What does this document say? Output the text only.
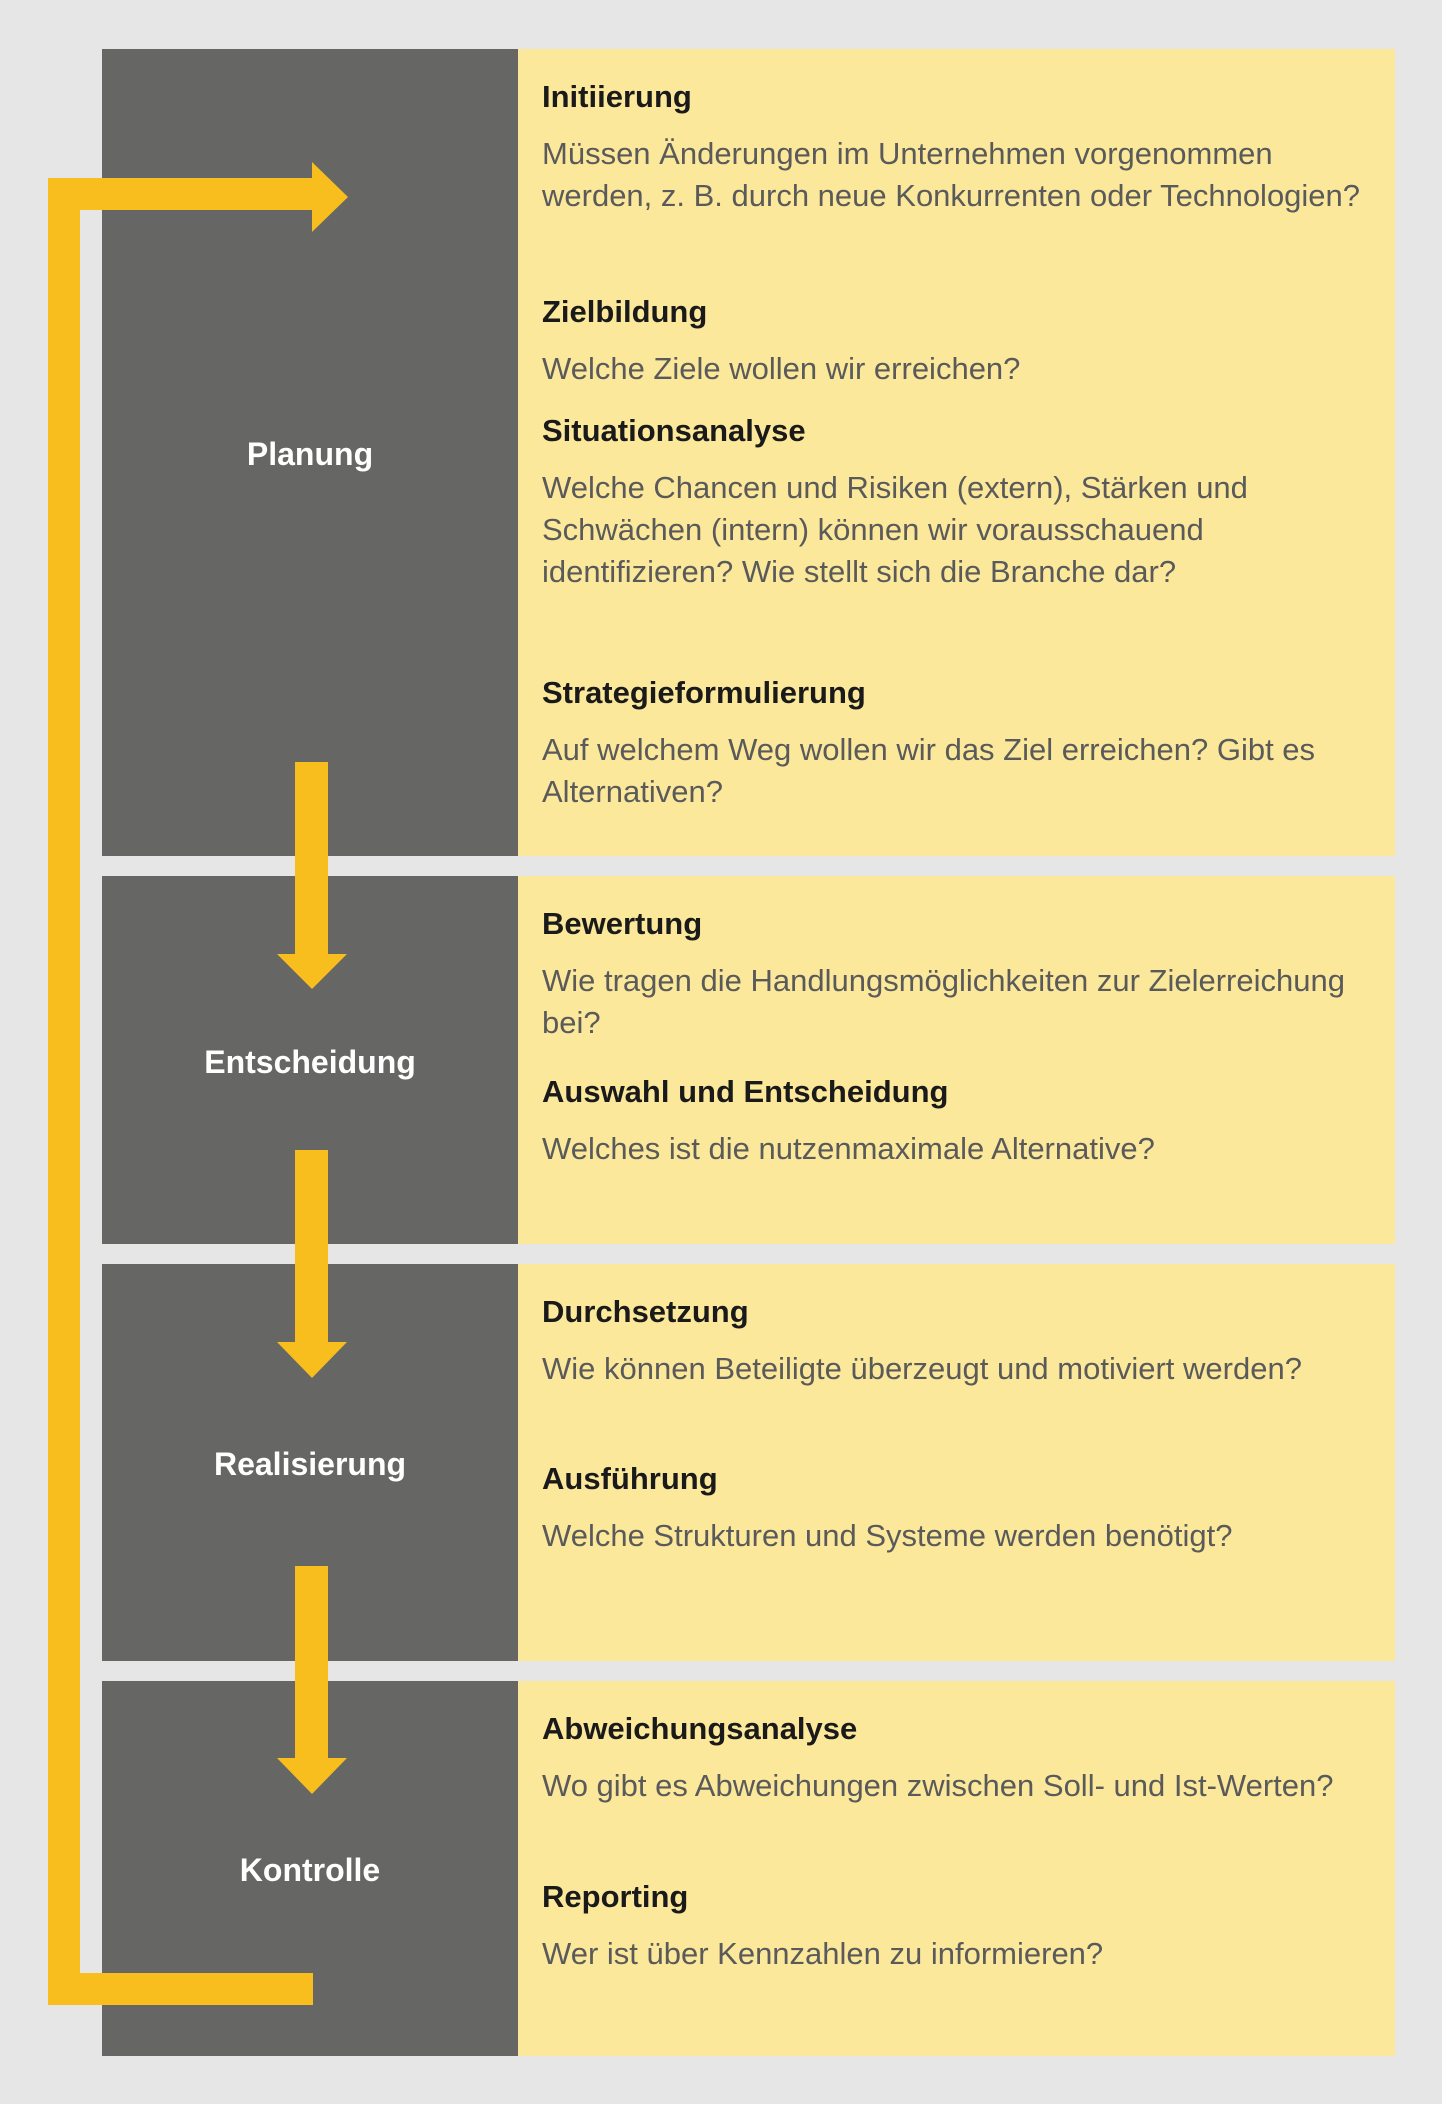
Planung
Initiierung
Müssen Änderungen im Unternehmen vorgenommen werden, z. B. durch neue Konkurrenten oder Technologien?
Zielbildung
Welche Ziele wollen wir erreichen?
Situationsanalyse
Welche Chancen und Risiken (extern), Stärken und Schwächen (intern) können wir vorausschauend identifizieren? Wie stellt sich die Branche dar?
Strategieformulierung
Auf welchem Weg wollen wir das Ziel erreichen? Gibt es Alternativen?
Entscheidung
Bewertung
Wie tragen die Handlungsmöglichkeiten zur Zielerreichung bei?
Auswahl und Entscheidung
Welches ist die nutzenmaximale Alternative?
Realisierung
Durchsetzung
Wie können Beteiligte überzeugt und motiviert werden?
Ausführung
Welche Strukturen und Systeme werden benötigt?
Kontrolle
Abweichungsanalyse
Wo gibt es Abweichungen zwischen Soll- und Ist-Werten?
Reporting
Wer ist über Kennzahlen zu informieren?
